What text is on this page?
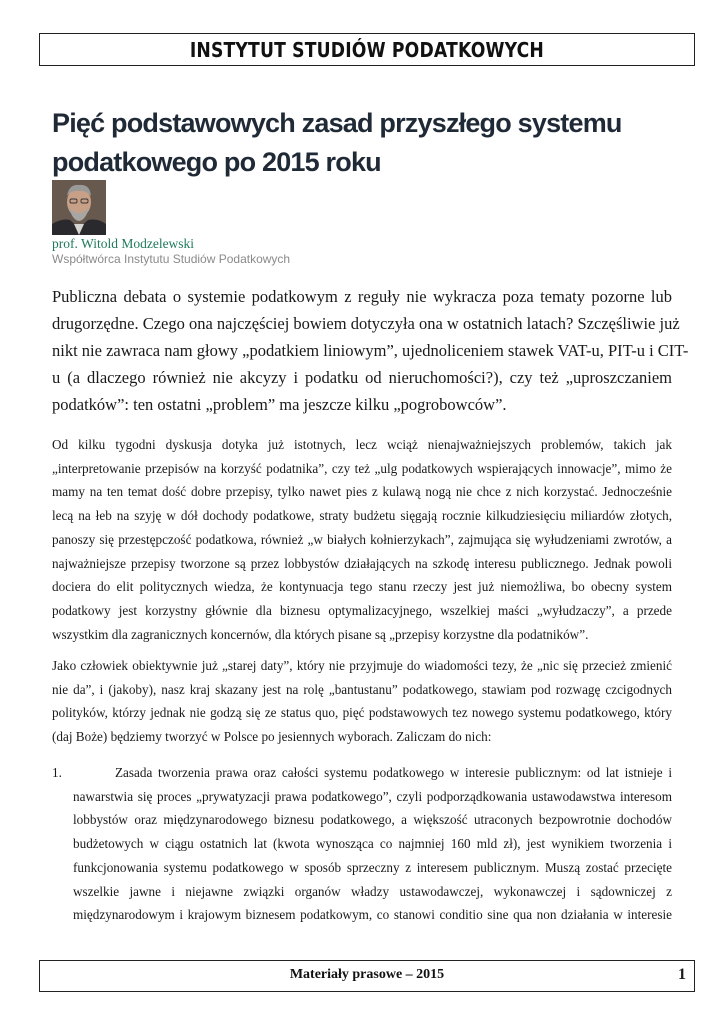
INSTYTUT STUDIÓW PODATKOWYCH
Pięć podstawowych zasad przyszłego systemu
podatkowego po 2015 roku
prof. Witold Modzelewski
Współtwórca Instytutu Studiów Podatkowych

Publiczna debata o systemie podatkowym z reguły nie wykracza poza tematy pozorne lub
drugorzędne. Czego ona najczęściej bowiem dotyczyła ona w ostatnich latach? Szczęśliwie już
nikt nie zawraca nam głowy „podatkiem liniowym”, ujednoliceniem stawek VAT-u, PIT-u i CIT-
u (a dlaczego również nie akcyzy i podatku od nieruchomości?), czy też „uproszczaniem
podatków”: ten ostatni „problem” ma jeszcze kilku „pogrobowców”.

Od kilku tygodni dyskusja dotyka już istotnych, lecz wciąż nienajważniejszych problemów, takich jak
„interpretowanie przepisów na korzyść podatnika”, czy też „ulg podatkowych wspierających innowacje”, mimo że
mamy na ten temat dość dobre przepisy, tylko nawet pies z kulawą nogą nie chce z nich korzystać. Jednocześnie
lecą na łeb na szyję w dół dochody podatkowe, straty budżetu sięgają rocznie kilkudziesięciu miliardów złotych,
panoszy się przestępczość podatkowa, również „w białych kołnierzykach”, zajmująca się wyłudzeniami zwrotów, a
najważniejsze przepisy tworzone są przez lobbystów działających na szkodę interesu publicznego. Jednak powoli
dociera do elit politycznych wiedza, że kontynuacja tego stanu rzeczy jest już niemożliwa, bo obecny system
podatkowy jest korzystny głównie dla biznesu optymalizacyjnego, wszelkiej maści „wyłudzaczy”, a przede
wszystkim dla zagranicznych koncernów, dla których pisane są „przepisy korzystne dla podatników”.

Jako człowiek obiektywnie już „starej daty”, który nie przyjmuje do wiadomości tezy, że „nic się przecież zmienić
nie da”, i (jakoby), nasz kraj skazany jest na rolę „bantustanu” podatkowego, stawiam pod rozwagę czcigodnych
polityków, którzy jednak nie godzą się ze status quo, pięć podstawowych tez nowego systemu podatkowego, który
(daj Boże) będziemy tworzyć w Polsce po jesiennych wyborach. Zaliczam do nich:

1.	Zasada tworzenia prawa oraz całości systemu podatkowego w interesie publicznym: od lat istnieje i
nawarstwia się proces „prywatyzacji prawa podatkowego”, czyli podporządkowania ustawodawstwa interesom
lobbystów oraz międzynarodowego biznesu podatkowego, a większość utraconych bezpowrotnie dochodów
budżetowych w ciągu ostatnich lat (kwota wynosząca co najmniej 160 mld zł), jest wynikiem tworzenia i
funkcjonowania systemu podatkowego w sposób sprzeczny z interesem publicznym. Muszą zostać przecięte
wszelkie jawne i niejawne związki organów władzy ustawodawczej, wykonawczej i sądowniczej z
międzynarodowym i krajowym biznesem podatkowym, co stanowi conditio sine qua non działania w interesie
Materiały prasowe – 2015	1
